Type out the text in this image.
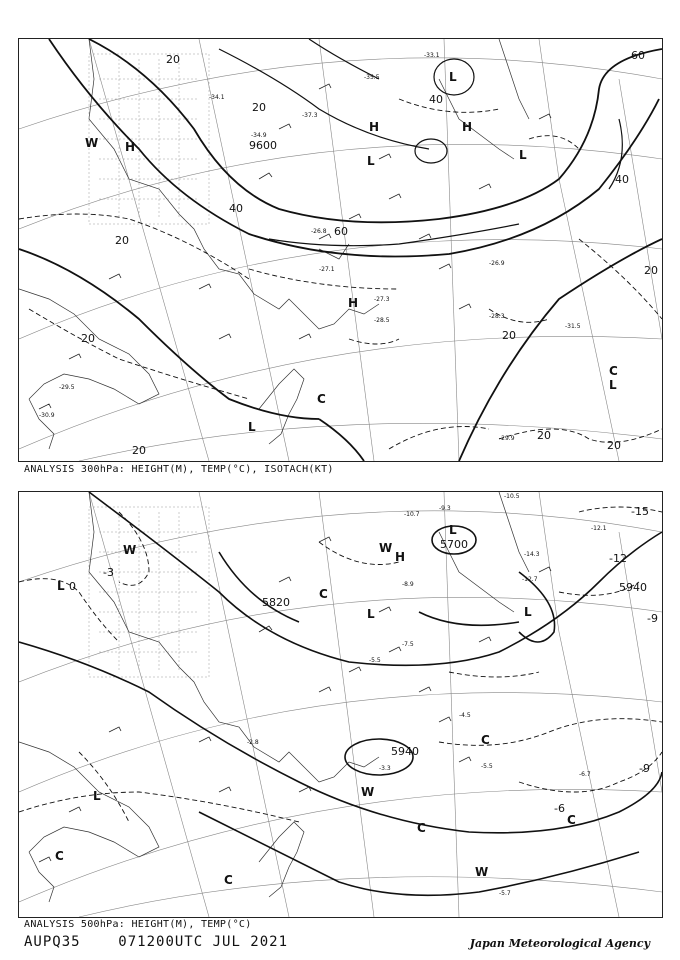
-33.1
-35.5
-34.1
-34.9
-37.3
-26.8
-27.3
-28.5
-29.9
-30.9
-26.9
-28.3
-31.5
-29.5
-27.1
9600
20
20
20
20	20
20
40
40
40
60
60
20
20
20
H	H
H
H
L
L	L
L
L
C
C
W
ANALYSIS 300hPa: HEIGHT(M), TEMP(°C), ISOTACH(KT)
-10.7
-9.3
-10.5
-12.1
-14.3
-12.7
-8.9
-7.5
-5.5
-4.5
-3.3
-2.8
-5.5
-6.7
-5.7
5700
5820
5940
5940
-15
-12
-9
-9
-6
-3
0
L
L
L	L
L
H
W	W
W
W
C
C
C
C
C
C
ANALYSIS 500hPa: HEIGHT(M), TEMP(°C)
AUPQ35	071200UTC JUL 2021	Japan Meteorological Agency
